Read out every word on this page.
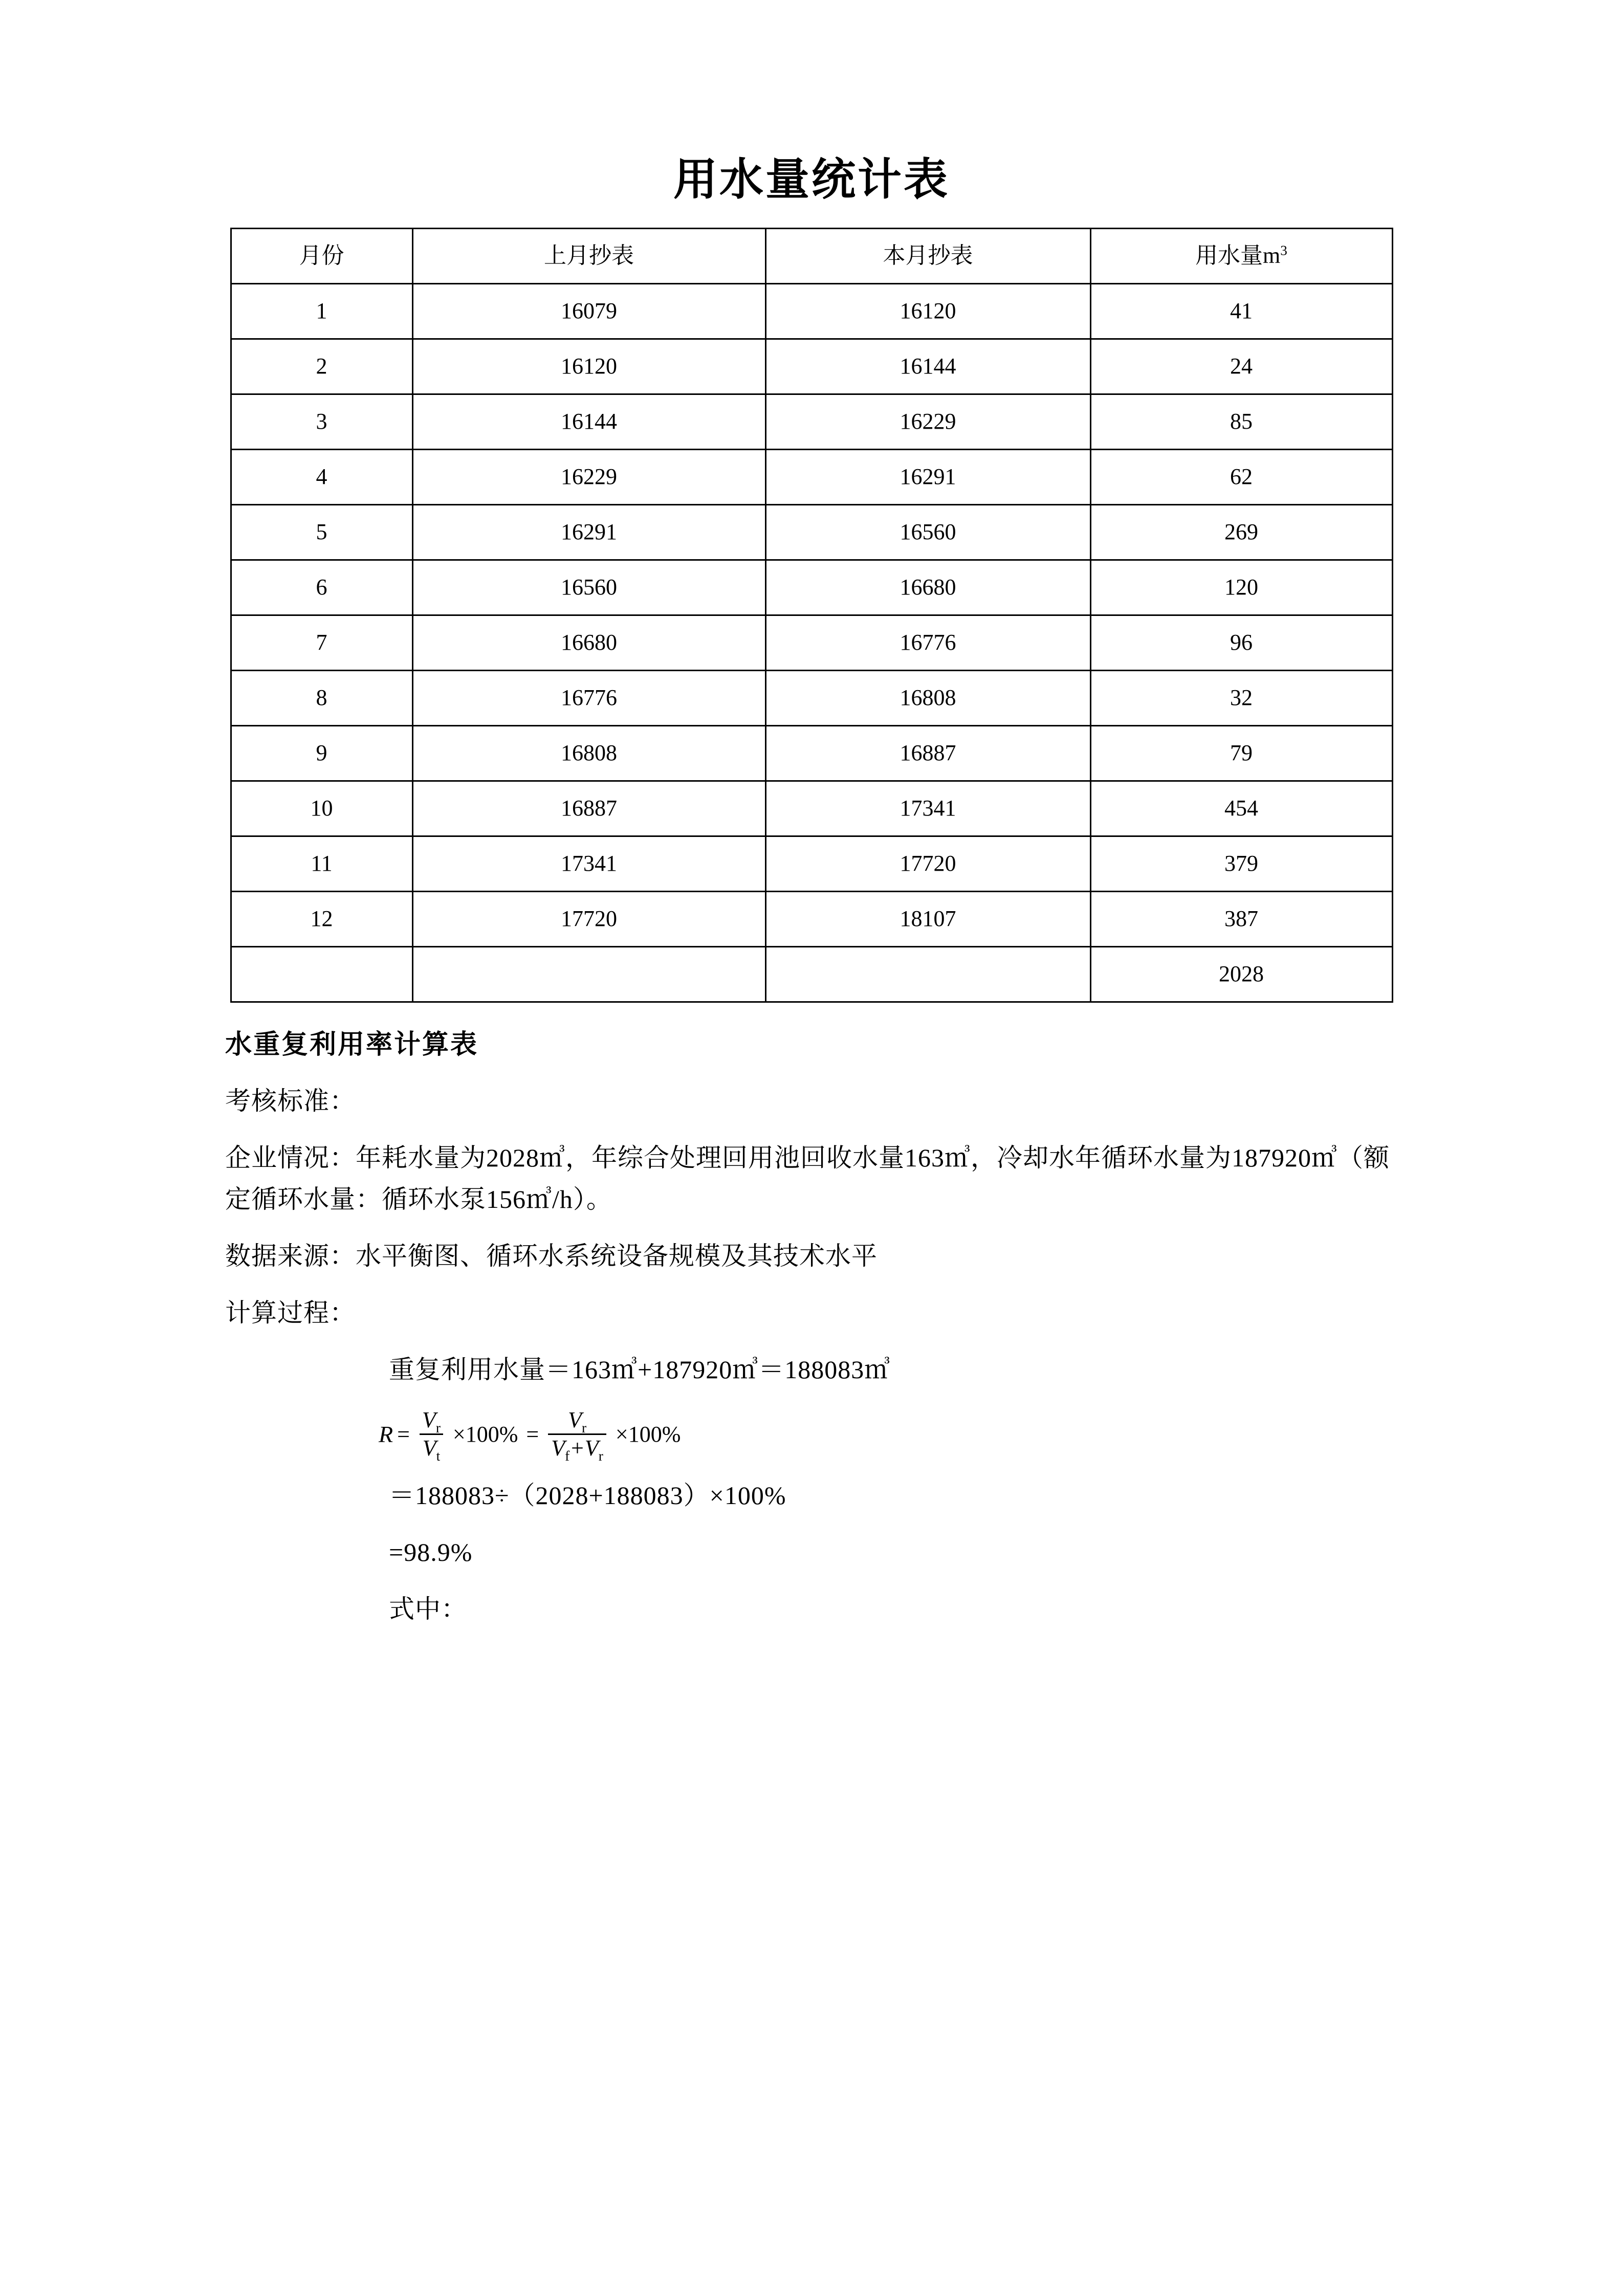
用水量统计表
月份	上月抄表	本月抄表	用水量$m^3$
1	16079	16120	41
2	16120	16144	24
3	16144	16229	85
4	16229	16291	62
5	16291	16560	269
6	16560	16680	120
7	16680	16776	96
8	16776	16808	32
9	16808	16887	79
10	16887	17341	454
11	17341	17720	379
12	17720	18107	387
			2028
水重复利用率计算表

考核标准：

企业情况：年耗水量为2028㎥，年综合处理回用池回收水量163㎥，冷却水年循环水量为187920㎥（额定循环水量：循环水泵156㎥/h）。

数据来源：水平衡图、循环水系统设备规模及其技术水平

计算过程：

重复利用水量＝163㎥+187920㎥＝188083㎥

$R = \frac{V_r}{V_t} \times 100\% = \frac{V_r}{V_f+V_r} \times 100\%$

＝188083÷（2028+188083）×100%

=98.9%

式中：
